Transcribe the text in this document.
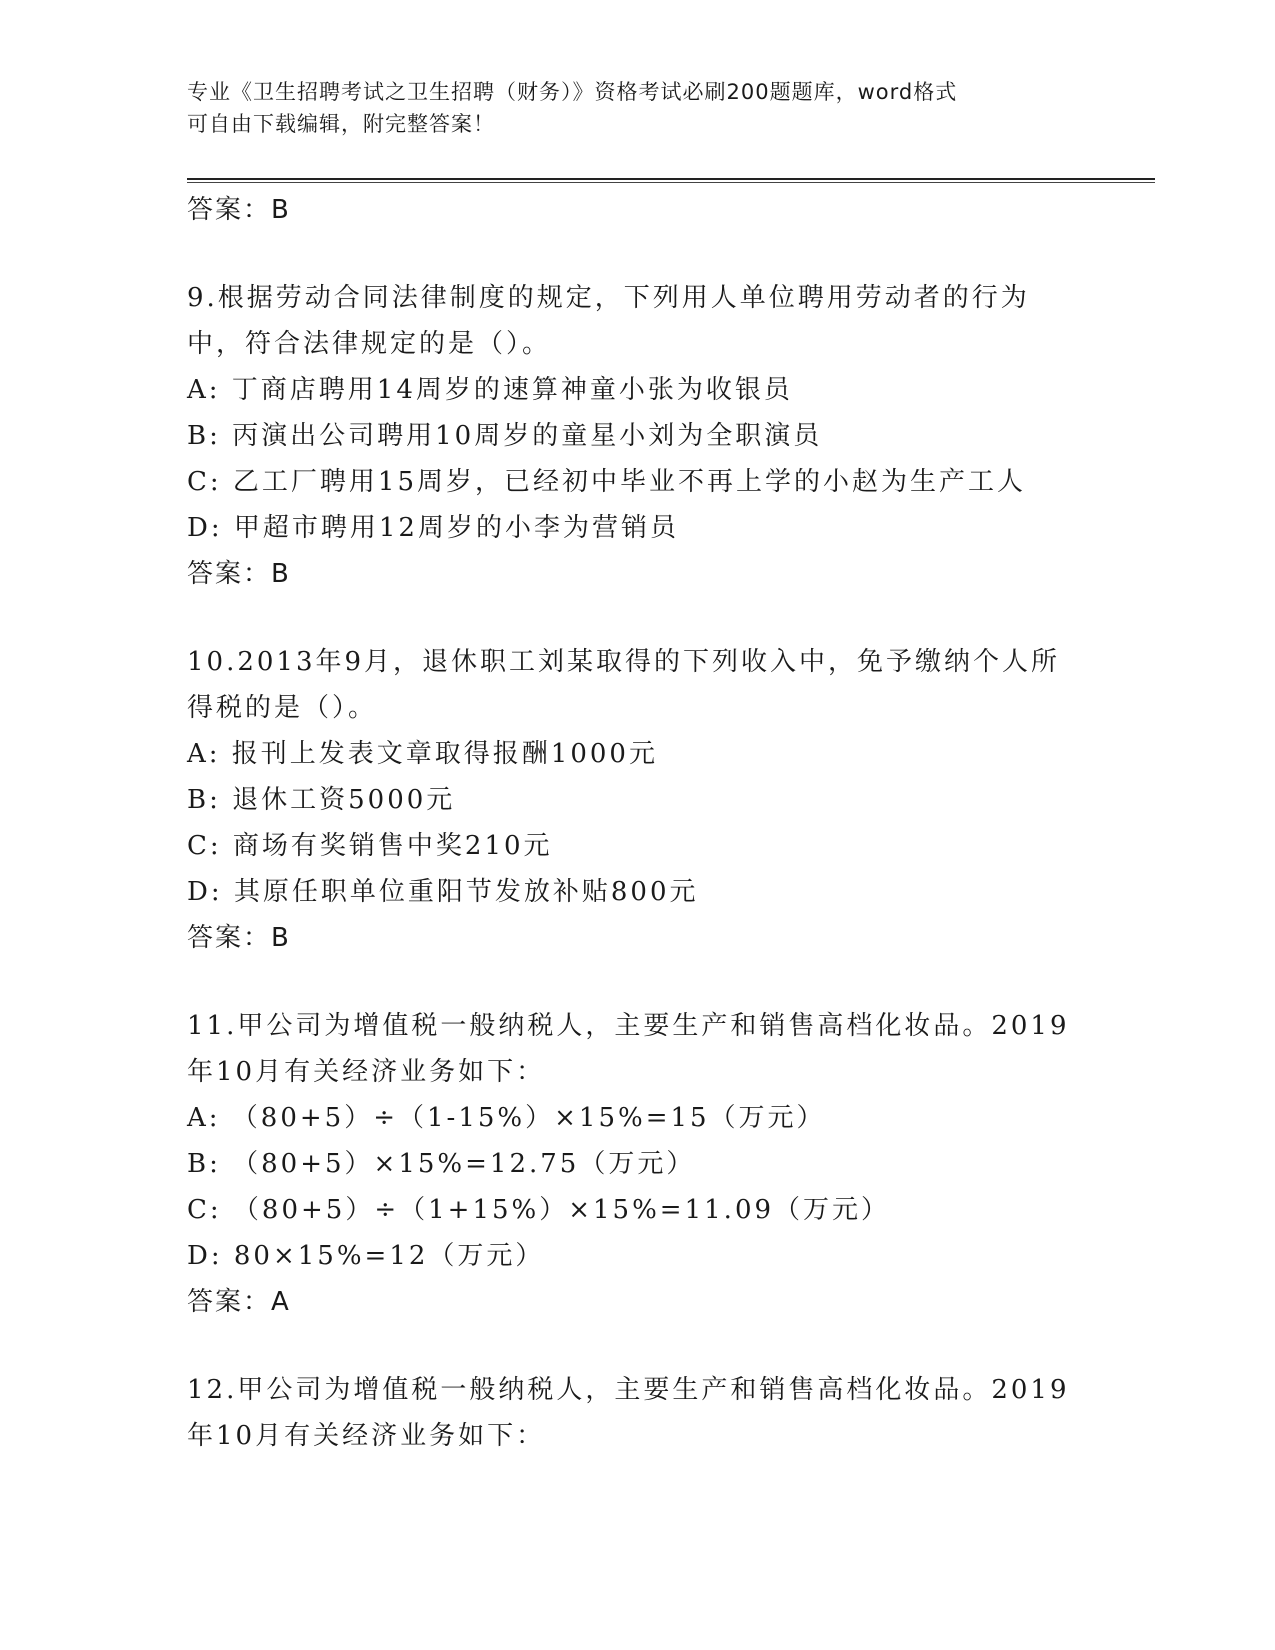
专业《卫生招聘考试之卫生招聘（财务）》资格考试必刷200题题库，word格式
可自由下载编辑，附完整答案！

答案：B

9.根据劳动合同法律制度的规定，下列用人单位聘用劳动者的行为中，符合法律规定的是（）。

A: 丁商店聘用14周岁的速算神童小张为收银员

B: 丙演出公司聘用10周岁的童星小刘为全职演员

C: 乙工厂聘用15周岁，已经初中毕业不再上学的小赵为生产工人

D: 甲超市聘用12周岁的小李为营销员

答案：B

10.2013年9月，退休职工刘某取得的下列收入中，免予缴纳个人所得税的是（）。

A: 报刊上发表文章取得报酬1000元

B: 退休工资5000元

C: 商场有奖销售中奖210元

D: 其原任职单位重阳节发放补贴800元

答案：B

11.甲公司为增值税一般纳税人，主要生产和销售高档化妆品。2019年10月有关经济业务如下：

A: （80+5）÷（1-15%）×15%=15（万元）

B: （80+5）×15%=12.75（万元）

C: （80+5）÷（1+15%）×15%=11.09（万元）

D: 80×15%=12（万元）

答案：A

12.甲公司为增值税一般纳税人，主要生产和销售高档化妆品。2019年10月有关经济业务如下：
